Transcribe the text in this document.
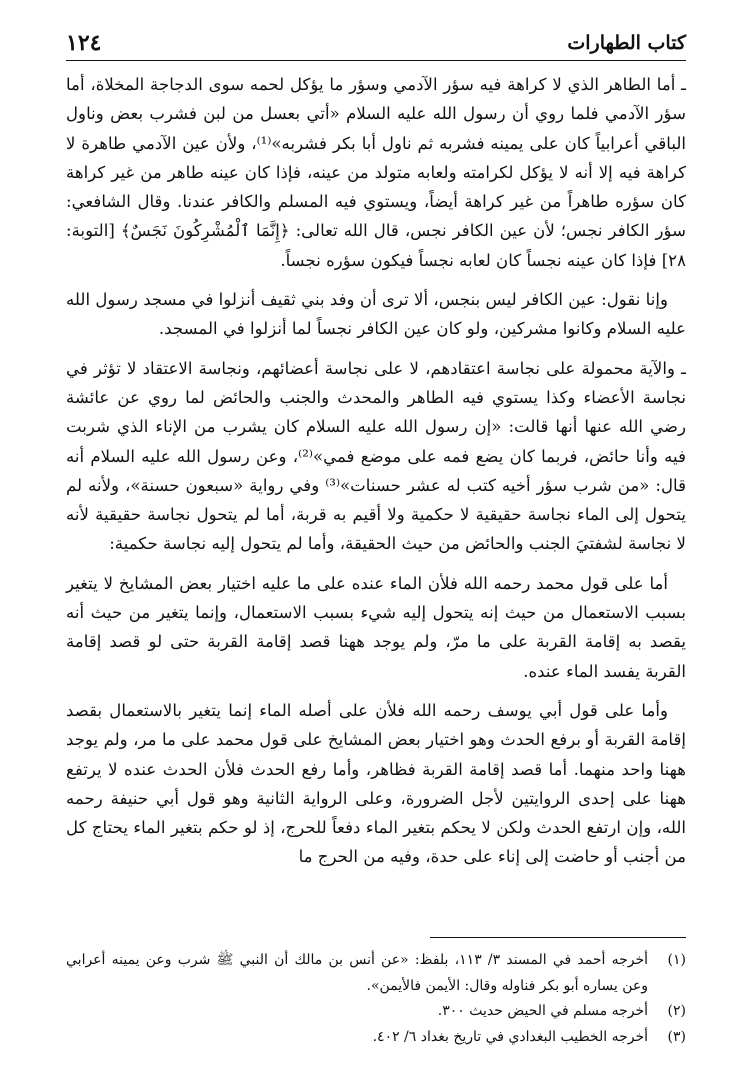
١٢٤	كتاب الطهارات

ـ أما الطاهر الذي لا كراهة فيه سؤر الآدمي وسؤر ما يؤكل لحمه سوى الدجاجة المخلاة، أما سؤر الآدمي فلما روي أن رسول الله عليه السلام «أتي بعسل من لبن فشرب بعض وناول الباقي أعرابياً كان على يمينه فشربه ثم ناول أبا بكر فشربه»⁽¹⁾، ولأن عين الآدمي طاهرة لا كراهة فيه إلا أنه لا يؤكل لكرامته ولعابه متولد من عينه، فإذا كان عينه طاهر من غير كراهة كان سؤره طاهراً من غير كراهة أيضاً، ويستوي فيه المسلم والكافر عندنا. وقال الشافعي: سؤر الكافر نجس؛ لأن عين الكافر نجس، قال الله تعالى: ﴿إِنَّمَا ٱلْمُشْرِكُونَ نَجَسٌ﴾ [التوبة: ٢٨] فإذا كان عينه نجساً كان لعابه نجساً فيكون سؤره نجساً.

وإنا نقول: عين الكافر ليس بنجس، ألا ترى أن وفد بني ثقيف أنزلوا في مسجد رسول الله عليه السلام وكانوا مشركين، ولو كان عين الكافر نجساً لما أنزلوا في المسجد.

ـ والآية محمولة على نجاسة اعتقادهم، لا على نجاسة أعضائهم، ونجاسة الاعتقاد لا تؤثر في نجاسة الأعضاء وكذا يستوي فيه الطاهر والمحدث والجنب والحائض لما روي عن عائشة رضي الله عنها أنها قالت: «إن رسول الله عليه السلام كان يشرب من الإناء الذي شربت فيه وأنا حائض، فربما كان يضع فمه على موضع فمي»⁽²⁾، وعن رسول الله عليه السلام أنه قال: «من شرب سؤر أخيه كتب له عشر حسنات»⁽³⁾ وفي رواية «سبعون حسنة»، ولأنه لم يتحول إلى الماء نجاسة حقيقية لا حكمية ولا أقيم به قربة، أما لم يتحول نجاسة حقيقية لأنه لا نجاسة لشفتيَ الجنب والحائض من حيث الحقيقة، وأما لم يتحول إليه نجاسة حكمية:

أما على قول محمد رحمه الله فلأن الماء عنده على ما عليه اختيار بعض المشايخ لا يتغير بسبب الاستعمال من حيث إنه يتحول إليه شيء بسبب الاستعمال، وإنما يتغير من حيث أنه يقصد به إقامة القربة على ما مرّ، ولم يوجد ههنا قصد إقامة القربة حتى لو قصد إقامة القربة يفسد الماء عنده.

وأما على قول أبي يوسف رحمه الله فلأن على أصله الماء إنما يتغير بالاستعمال بقصد إقامة القربة أو برفع الحدث وهو اختيار بعض المشايخ على قول محمد على ما مر، ولم يوجد ههنا واحد منهما. أما قصد إقامة القربة فظاهر، وأما رفع الحدث فلأن الحدث عنده لا يرتفع ههنا على إحدى الروايتين لأجل الضرورة، وعلى الرواية الثانية وهو قول أبي حنيفة رحمه الله، وإن ارتفع الحدث ولكن لا يحكم بتغير الماء دفعاً للحرج، إذ لو حكم بتغير الماء يحتاج كل من أجنب أو حاضت إلى إناء على حدة، وفيه من الحرج ما

(١)
أخرجه أحمد في المسند ٣/ ١١٣، بلفظ: «عن أنس بن مالك أن النبي ﷺ شرب وعن يمينه أعرابي وعن يساره أبو بكر فناوله وقال: الأيمن فالأيمن».
(٢)
أخرجه مسلم في الحيض حديث ٣٠٠.
(٣)
أخرجه الخطيب البغدادي في تاريخ بغداد ٦/ ٤٠٢.
